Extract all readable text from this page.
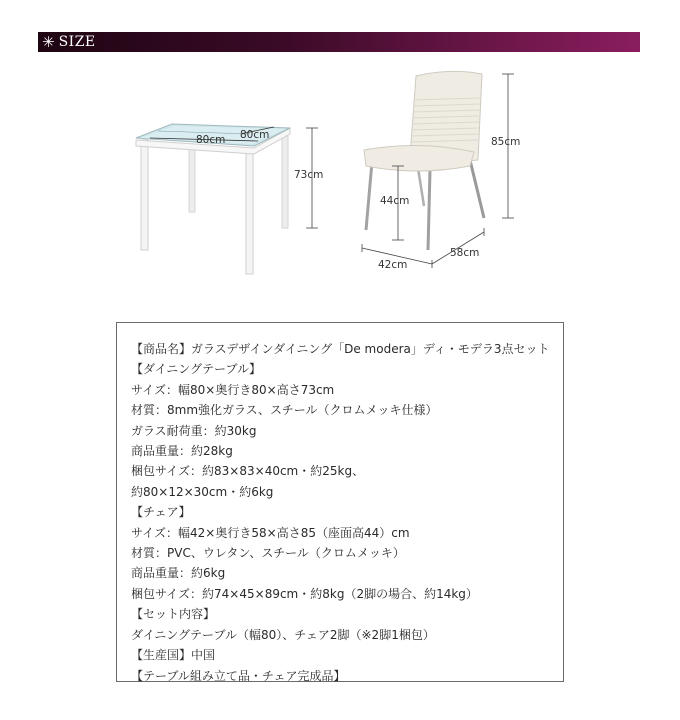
✳ SIZE
80cm 80cm
73cm
85cm
44cm
42cm
58cm
【商品名】ガラスデザインダイニング「De modera」ディ・モデラ3点セット
【ダイニングテーブル】
サイズ：幅80×奥行き80×高さ73cm
材質：8mm強化ガラス、スチール（クロムメッキ仕様）
ガラス耐荷重：約30kg
商品重量：約28kg
梱包サイズ：約83×83×40cm・約25kg、
約80×12×30cm・約6kg
【チェア】
サイズ：幅42×奥行き58×高さ85（座面高44）cm
材質：PVC、ウレタン、スチール（クロムメッキ）
商品重量：約6kg
梱包サイズ：約74×45×89cm・約8kg（2脚の場合、約14kg）
【セット内容】
ダイニングテーブル（幅80）、チェア2脚（※2脚1梱包）
【生産国】中国
【テーブル組み立て品・チェア完成品】
